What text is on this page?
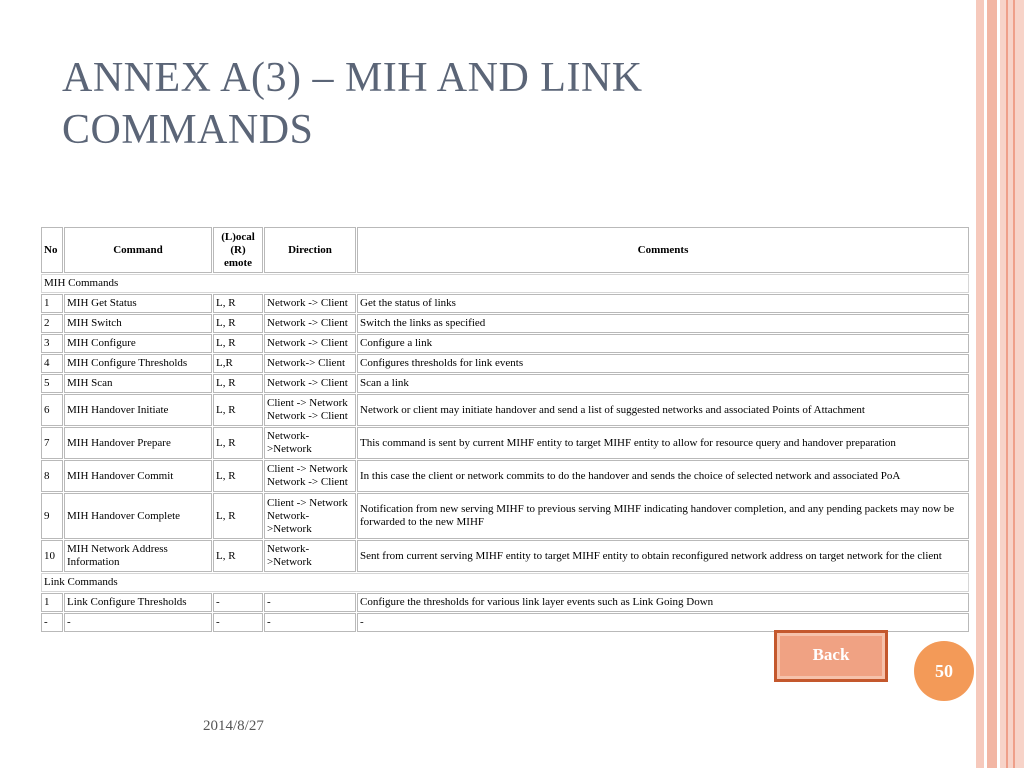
ANNEX A(3) – MIH AND LINK
COMMANDS
No	Command	(L)ocal
(R)
emote	Direction	Comments
MIH Commands				
1	MIH Get Status	L, R	Network -> Client	Get the status of links
2	MIH Switch	L, R	Network -> Client	Switch the links as specified
3	MIH Configure	L, R	Network -> Client	Configure a link
4	MIH Configure Thresholds	L,R	Network-> Client	Configures thresholds for link events
5	MIH Scan	L, R	Network -> Client	Scan a link
6	MIH Handover Initiate	L, R	Client -> Network
Network -> Client	Network or client may initiate handover and send a list of suggested networks and associated Points of Attachment
7	MIH Handover Prepare	L, R	Network-
>Network	This command is sent by current MIHF entity to target MIHF entity to allow for resource query and handover preparation
8	MIH Handover Commit	L, R	Client -> Network
Network -> Client	In this case the client or network commits to do the handover and sends the choice of selected network and associated PoA
9	MIH Handover Complete	L, R	Client -> Network
Network-
>Network	Notification from new serving MIHF to previous serving MIHF indicating handover completion, and any pending packets may now be forwarded to the new MIHF
10	MIH Network Address Information	L, R	Network-
>Network	Sent from current serving MIHF entity to target MIHF entity to obtain reconfigured network address on target network for the client
Link Commands				
1	Link Configure Thresholds	-	-	Configure the thresholds for various link layer events such as Link Going Down
-	-	-	-	-
Back
50
2014/8/27
